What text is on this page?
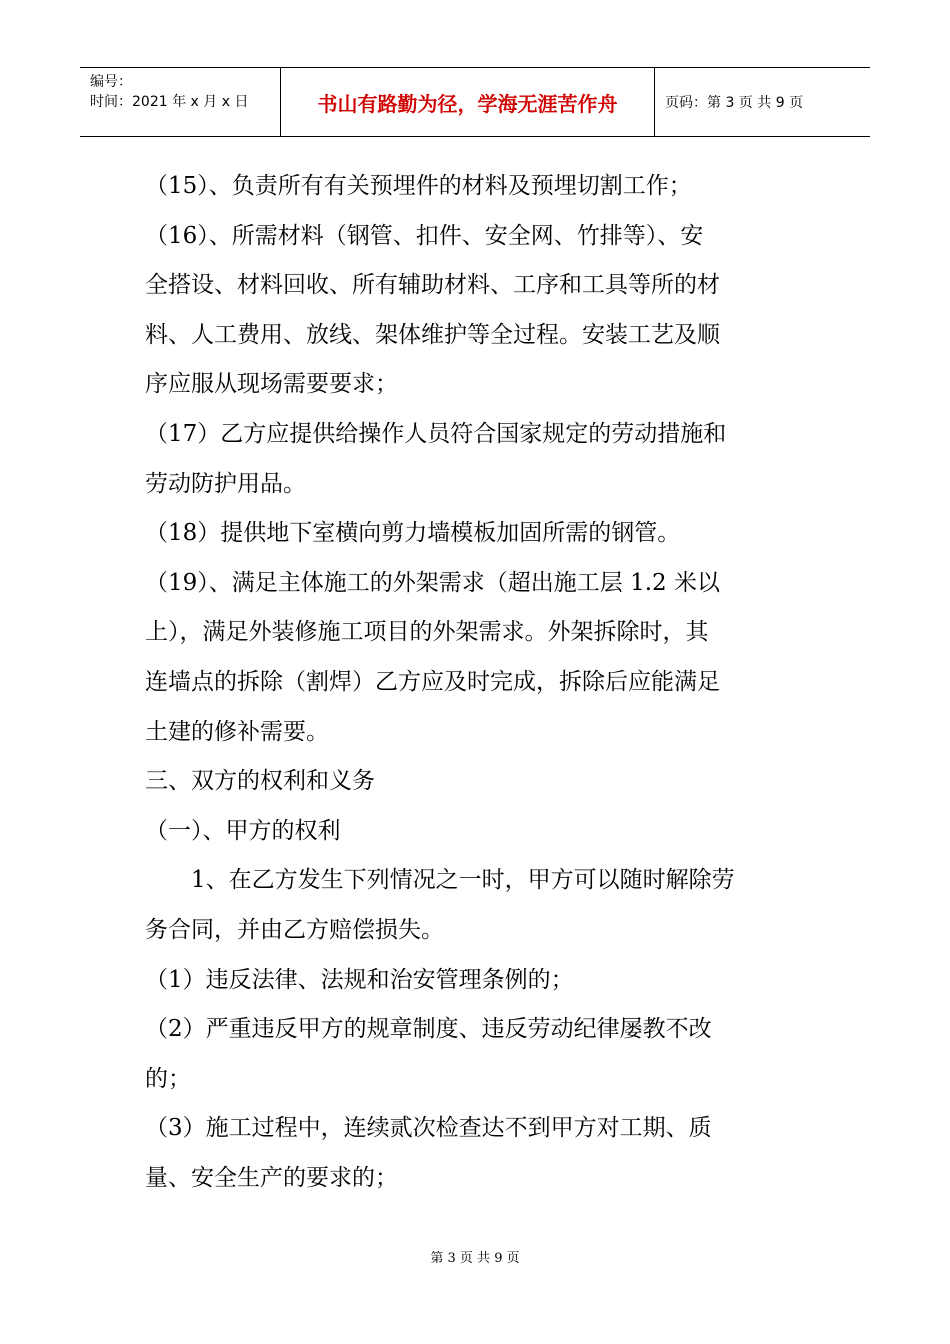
编号：
时间：2021 年 x 月 x 日	书山有路勤为径，学海无涯苦作舟	页码：第 3 页 共 9 页

（15）、负责所有有关预埋件的材料及预埋切割工作；

（16）、所需材料（钢管、扣件、安全网、竹排等）、安

全搭设、材料回收、所有辅助材料、工序和工具等所的材

料、人工费用、放线、架体维护等全过程。安装工艺及顺

序应服从现场需要要求；

（17）乙方应提供给操作人员符合国家规定的劳动措施和

劳动防护用品。

（18）提供地下室横向剪力墙模板加固所需的钢管。

（19）、满足主体施工的外架需求（超出施工层 1.2 米以

上），满足外装修施工项目的外架需求。外架拆除时，其

连墙点的拆除（割焊）乙方应及时完成，拆除后应能满足

土建的修补需要。

三、双方的权利和义务

（一）、甲方的权利

　　1、在乙方发生下列情况之一时，甲方可以随时解除劳

务合同，并由乙方赔偿损失。

（1）违反法律、法规和治安管理条例的；

（2）严重违反甲方的规章制度、违反劳动纪律屡教不改

的；

（3）施工过程中，连续贰次检查达不到甲方对工期、质

量、安全生产的要求的；

第 3 页 共 9 页
